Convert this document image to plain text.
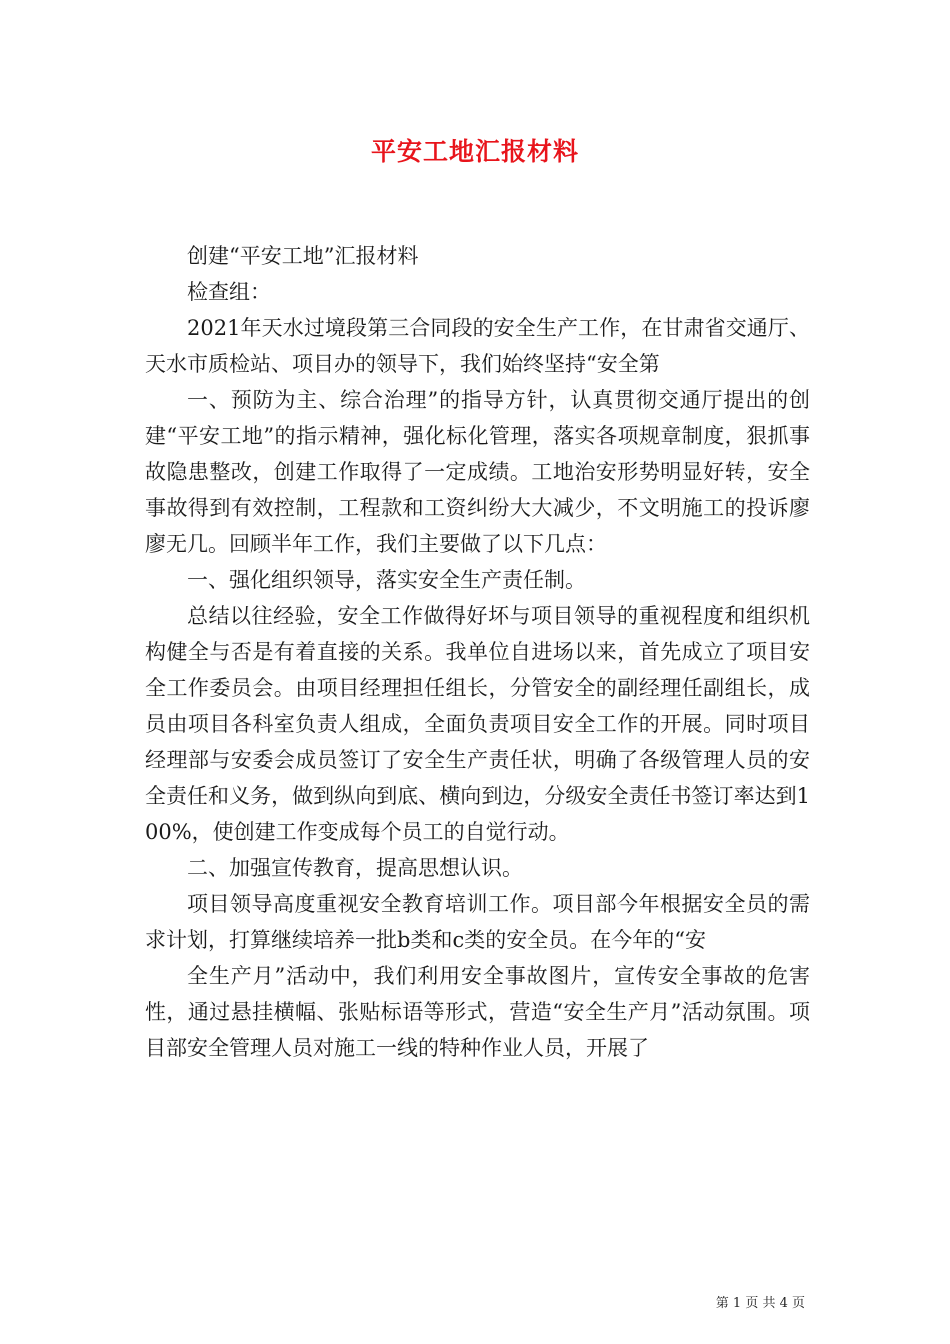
平安工地汇报材料

创建“平安工地”汇报材料

检查组：

2021年天水过境段第三合同段的安全生产工作，在甘肃省交通厅、天水市质检站、项目办的领导下，我们始终坚持“安全第

一、预防为主、综合治理”的指导方针，认真贯彻交通厅提出的创建“平安工地”的指示精神，强化标化管理，落实各项规章制度，狠抓事故隐患整改，创建工作取得了一定成绩。工地治安形势明显好转，安全事故得到有效控制，工程款和工资纠纷大大减少，不文明施工的投诉廖廖无几。回顾半年工作，我们主要做了以下几点：

一、强化组织领导，落实安全生产责任制。

总结以往经验，安全工作做得好坏与项目领导的重视程度和组织机构健全与否是有着直接的关系。我单位自进场以来，首先成立了项目安全工作委员会。由项目经理担任组长，分管安全的副经理任副组长，成员由项目各科室负责人组成，全面负责项目安全工作的开展。同时项目经理部与安委会成员签订了安全生产责任状，明确了各级管理人员的安全责任和义务，做到纵向到底、横向到边，分级安全责任书签订率达到100%，使创建工作变成每个员工的自觉行动。

二、加强宣传教育，提高思想认识。

项目领导高度重视安全教育培训工作。项目部今年根据安全员的需求计划，打算继续培养一批b类和c类的安全员。在今年的“安

全生产月”活动中，我们利用安全事故图片，宣传安全事故的危害性，通过悬挂横幅、张贴标语等形式，营造“安全生产月”活动氛围。项目部安全管理人员对施工一线的特种作业人员，开展了

第 1 页 共 4 页
